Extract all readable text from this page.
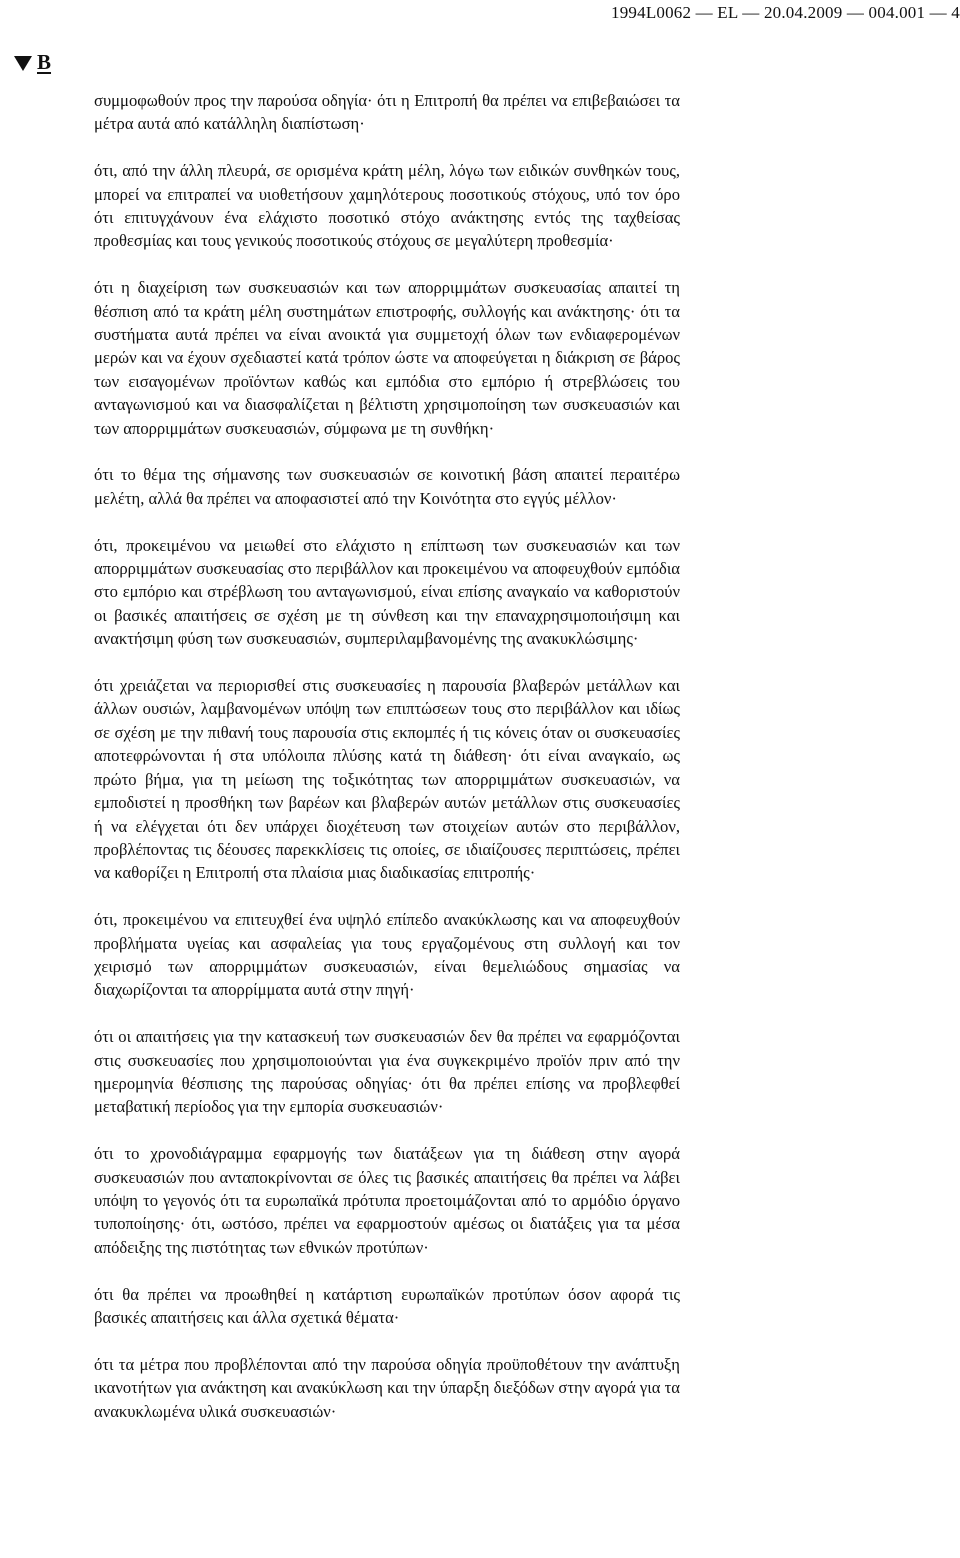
1994L0062 — EL — 20.04.2009 — 004.001 — 4
B

συμμοφωθούν προς την παρούσα οδηγία· ότι η Επιτροπή θα πρέπει να επιβεβαιώσει τα μέτρα αυτά από κατάλληλη διαπίστωση·

ότι, από την άλλη πλευρά, σε ορισμένα κράτη μέλη, λόγω των ειδικών συνθηκών τους, μπορεί να επιτραπεί να υιοθετήσουν χαμηλότερους ποσοτικούς στόχους, υπό τον όρο ότι επιτυγχάνουν ένα ελάχιστο ποσοτικό στόχο ανάκτησης εντός της ταχθείσας προθεσμίας και τους γενικούς ποσοτικούς στόχους σε μεγαλύτερη προθεσμία·

ότι η διαχείριση των συσκευασιών και των απορριμμάτων συσκευασίας απαιτεί τη θέσπιση από τα κράτη μέλη συστημάτων επιστροφής, συλλογής και ανάκτησης· ότι τα συστήματα αυτά πρέπει να είναι ανοικτά για συμμετοχή όλων των ενδιαφερομένων μερών και να έχουν σχεδιαστεί κατά τρόπον ώστε να αποφεύγεται η διάκριση σε βάρος των εισαγομένων προϊόντων καθώς και εμπόδια στο εμπόριο ή στρεβλώσεις του ανταγωνισμού και να διασφαλίζεται η βέλτιστη χρησιμοποίηση των συσκευασιών και των απορριμμάτων συσκευασιών, σύμφωνα με τη συνθήκη·

ότι το θέμα της σήμανσης των συσκευασιών σε κοινοτική βάση απαιτεί περαιτέρω μελέτη, αλλά θα πρέπει να αποφασιστεί από την Κοινότητα στο εγγύς μέλλον·

ότι, προκειμένου να μειωθεί στο ελάχιστο η επίπτωση των συσκευασιών και των απορριμμάτων συσκευασίας στο περιβάλλον και προκειμένου να αποφευχθούν εμπόδια στο εμπόριο και στρέβλωση του ανταγωνισμού, είναι επίσης αναγκαίο να καθοριστούν οι βασικές απαιτήσεις σε σχέση με τη σύνθεση και την επαναχρησιμοποιήσιμη και ανακτήσιμη φύση των συσκευασιών, συμπεριλαμβανομένης της ανακυκλώσιμης·

ότι χρειάζεται να περιορισθεί στις συσκευασίες η παρουσία βλαβερών μετάλλων και άλλων ουσιών, λαμβανομένων υπόψη των επιπτώσεων τους στο περιβάλλον και ιδίως σε σχέση με την πιθανή τους παρουσία στις εκπομπές ή τις κόνεις όταν οι συσκευασίες αποτεφρώνονται ή στα υπόλοιπα πλύσης κατά τη διάθεση· ότι είναι αναγκαίο, ως πρώτο βήμα, για τη μείωση της τοξικότητας των απορριμμάτων συσκευασιών, να εμποδιστεί η προσθήκη των βαρέων και βλαβερών αυτών μετάλλων στις συσκευασίες ή να ελέγχεται ότι δεν υπάρχει διοχέτευση των στοιχείων αυτών στο περιβάλλον, προβλέποντας τις δέουσες παρεκκλίσεις τις οποίες, σε ιδιαίζουσες περιπτώσεις, πρέπει να καθορίζει η Επιτροπή στα πλαίσια μιας διαδικασίας επιτροπής·

ότι, προκειμένου να επιτευχθεί ένα υψηλό επίπεδο ανακύκλωσης και να αποφευχθούν προβλήματα υγείας και ασφαλείας για τους εργαζομένους στη συλλογή και τον χειρισμό των απορριμμάτων συσκευασιών, είναι θεμελιώδους σημασίας να διαχωρίζονται τα απορρίμματα αυτά στην πηγή·

ότι οι απαιτήσεις για την κατασκευή των συσκευασιών δεν θα πρέπει να εφαρμόζονται στις συσκευασίες που χρησιμοποιούνται για ένα συγκεκριμένο προϊόν πριν από την ημερομηνία θέσπισης της παρούσας οδηγίας· ότι θα πρέπει επίσης να προβλεφθεί μεταβατική περίοδος για την εμπορία συσκευασιών·

ότι το χρονοδιάγραμμα εφαρμογής των διατάξεων για τη διάθεση στην αγορά συσκευασιών που ανταποκρίνονται σε όλες τις βασικές απαιτήσεις θα πρέπει να λάβει υπόψη το γεγονός ότι τα ευρωπαϊκά πρότυπα προετοιμάζονται από το αρμόδιο όργανο τυποποίησης· ότι, ωστόσο, πρέπει να εφαρμοστούν αμέσως οι διατάξεις για τα μέσα απόδειξης της πιστότητας των εθνικών προτύπων·

ότι θα πρέπει να προωθηθεί η κατάρτιση ευρωπαϊκών προτύπων όσον αφορά τις βασικές απαιτήσεις και άλλα σχετικά θέματα·

ότι τα μέτρα που προβλέπονται από την παρούσα οδηγία προϋποθέτουν την ανάπτυξη ικανοτήτων για ανάκτηση και ανακύκλωση και την ύπαρξη διεξόδων στην αγορά για τα ανακυκλωμένα υλικά συσκευασιών·
